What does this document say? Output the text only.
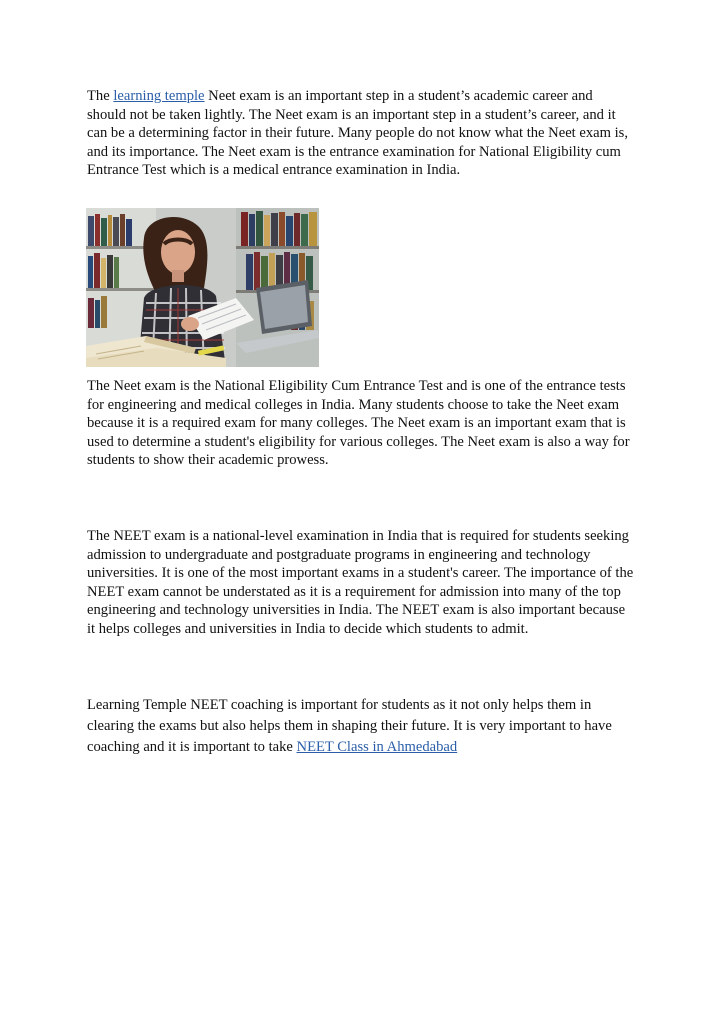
The learning temple Neet exam is an important step in a student’s academic career and should not be taken lightly. The Neet exam is an important step in a student’s career, and it can be a determining factor in their future. Many people do not know what the Neet exam is, and its importance. The Neet exam is the entrance examination for National Eligibility cum Entrance Test which is a medical entrance examination in India.

The Neet exam is the National Eligibility Cum Entrance Test and is one of the entrance tests for engineering and medical colleges in India. Many students choose to take the Neet exam because it is a required exam for many colleges. The Neet exam is an important exam that is used to determine a student's eligibility for various colleges. The Neet exam is also a way for students to show their academic prowess.

The NEET exam is a national-level examination in India that is required for students seeking admission to undergraduate and postgraduate programs in engineering and technology universities. It is one of the most important exams in a student's career. The importance of the NEET exam cannot be understated as it is a requirement for admission into many of the top engineering and technology universities in India. The NEET exam is also important because it helps colleges and universities in India to decide which students to admit.

Learning Temple NEET coaching is important for students as it not only helps them in clearing the exams but also helps them in shaping their future. It is very important to have coaching and it is important to take NEET Class in Ahmedabad
